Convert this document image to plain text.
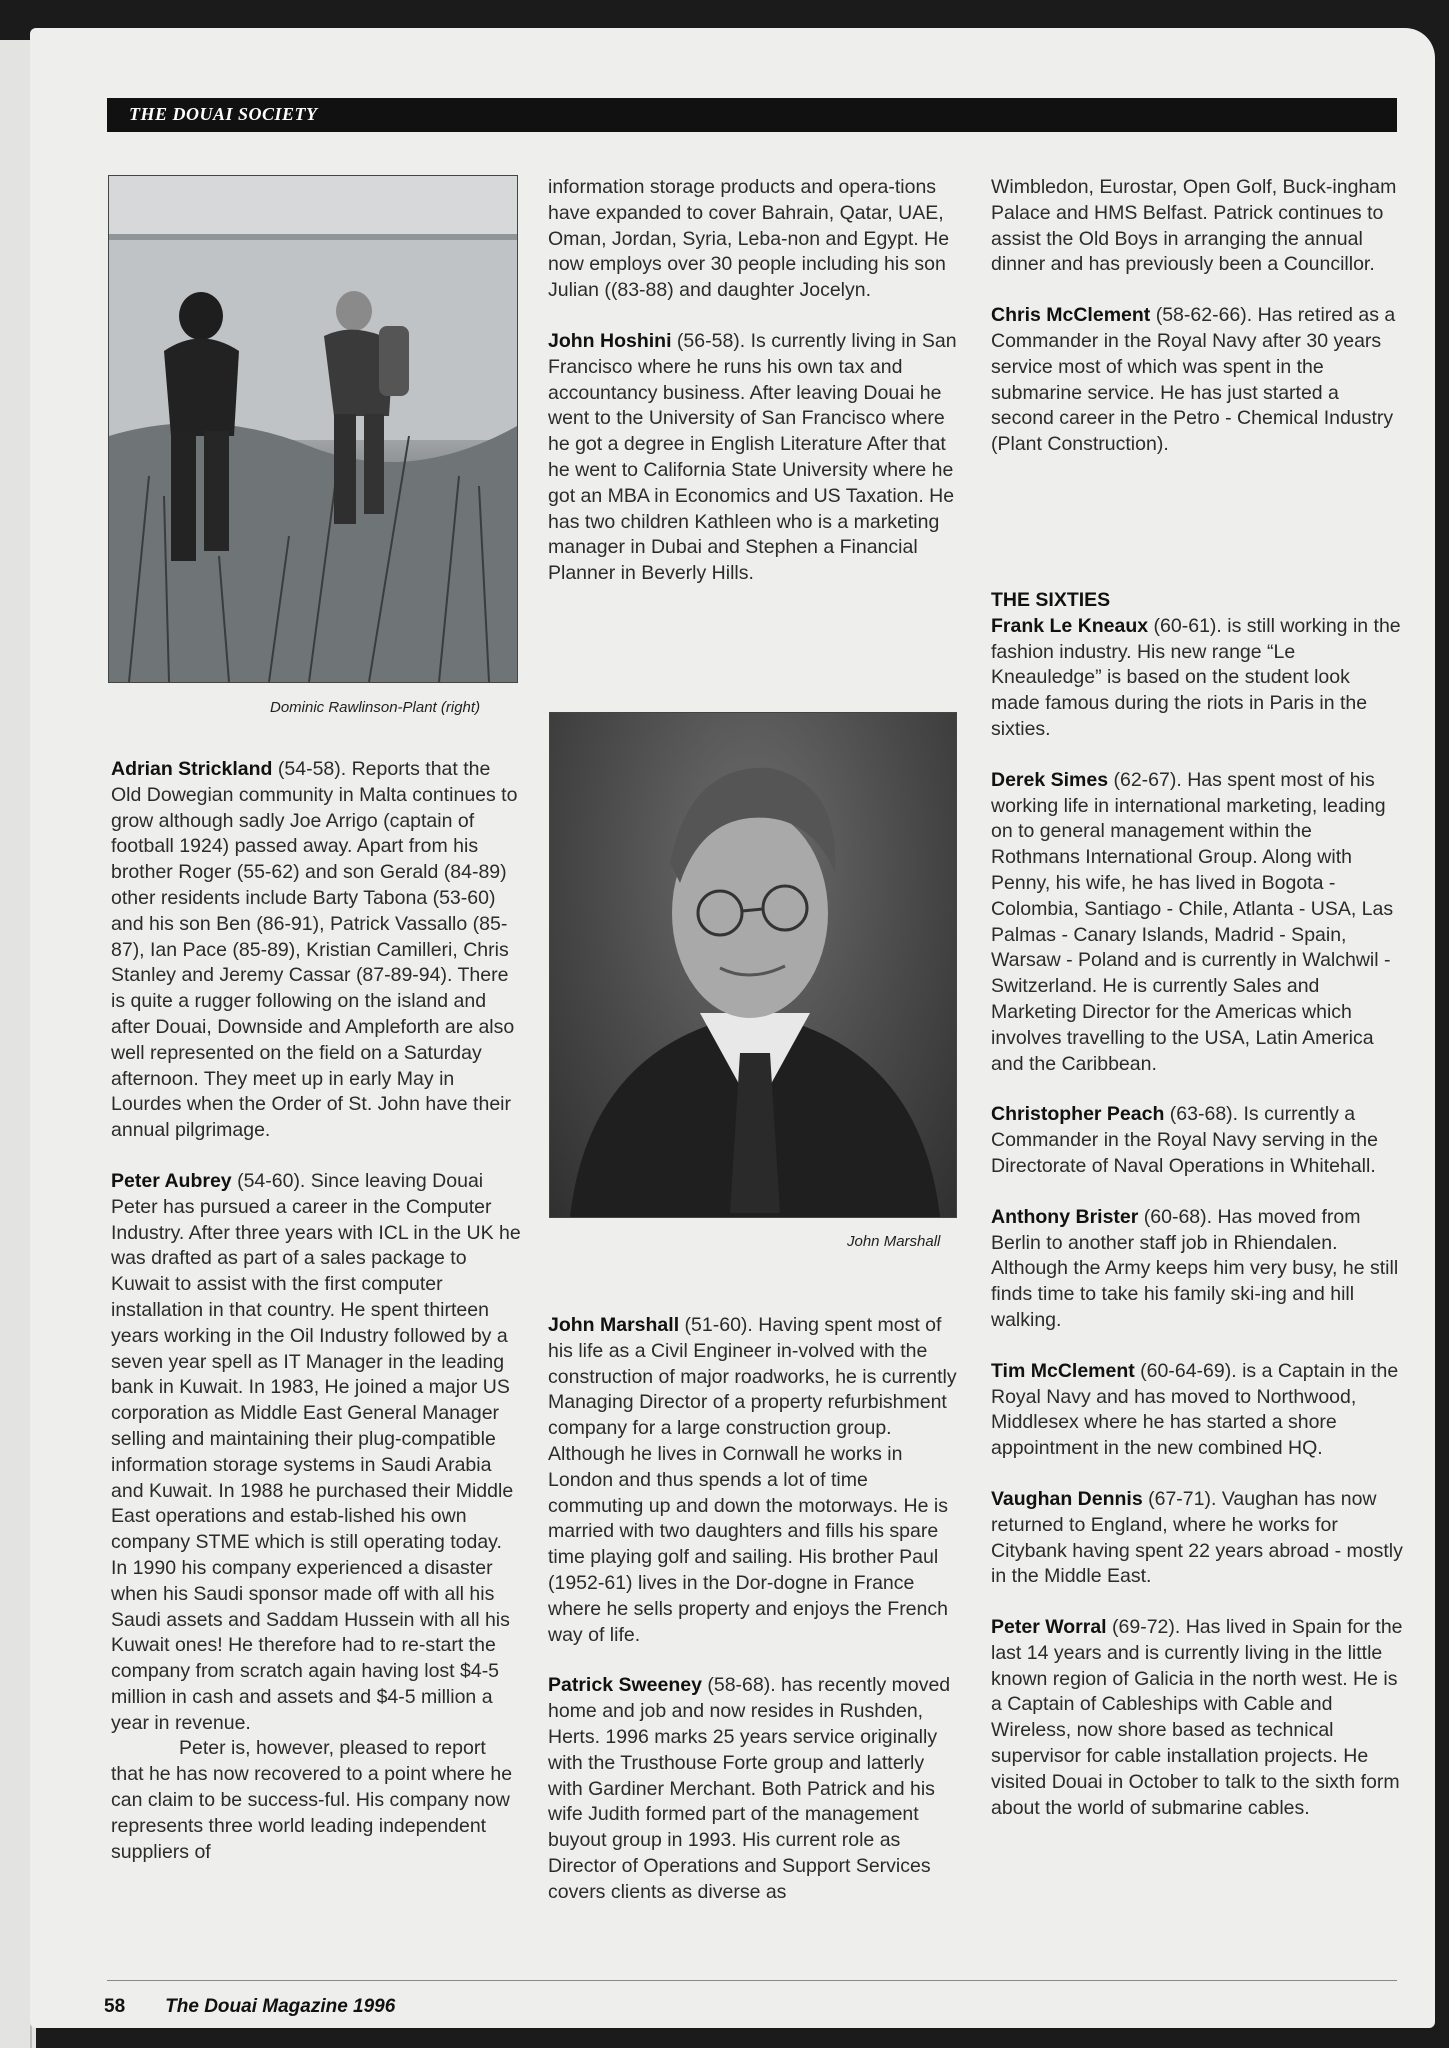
THE DOUAI SOCIETY
Dominic Rawlinson-Plant (right)
John Marshall

Adrian Strickland (54-58). Reports that the Old Dowegian community in Malta continues to grow although sadly Joe Arrigo (captain of football 1924) passed away. Apart from his brother Roger (55-62) and son Gerald (84-89) other residents include Barty Tabona (53-60) and his son Ben (86-91), Patrick Vassallo (85-87), Ian Pace (85-89), Kristian Camilleri, Chris Stanley and Jeremy Cassar (87-89-94). There is quite a rugger following on the island and after Douai, Downside and Ampleforth are also well represented on the field on a Saturday afternoon. They meet up in early May in Lourdes when the Order of St. John have their annual pilgrimage.

Peter Aubrey (54-60). Since leaving Douai Peter has pursued a career in the Computer Industry. After three years with ICL in the UK he was drafted as part of a sales package to Kuwait to assist with the first computer installation in that country. He spent thirteen years working in the Oil Industry followed by a seven year spell as IT Manager in the leading bank in Kuwait. In 1983, He joined a major US corporation as Middle East General Manager selling and maintaining their plug-compatible information storage systems in Saudi Arabia and Kuwait. In 1988 he purchased their Middle East operations and estab-lished his own company STME which is still operating today. In 1990 his company experienced a disaster when his Saudi sponsor made off with all his Saudi assets and Saddam Hussein with all his Kuwait ones! He therefore had to re-start the company from scratch again having lost $4-5 million in cash and assets and $4-5 million a year in revenue.

Peter is, however, pleased to report that he has now recovered to a point where he can claim to be success-ful. His company now represents three world leading independent suppliers of

information storage products and opera-tions have expanded to cover Bahrain, Qatar, UAE, Oman, Jordan, Syria, Leba-non and Egypt. He now employs over 30 people including his son Julian ((83-88) and daughter Jocelyn.

John Hoshini (56-58). Is currently living in San Francisco where he runs his own tax and accountancy business. After leaving Douai he went to the University of San Francisco where he got a degree in English Literature After that he went to California State University where he got an MBA in Economics and US Taxation. He has two children Kathleen who is a marketing manager in Dubai and Stephen a Financial Planner in Beverly Hills.

John Marshall (51-60). Having spent most of his life as a Civil Engineer in-volved with the construction of major roadworks, he is currently Managing Director of a property refurbishment company for a large construction group. Although he lives in Cornwall he works in London and thus spends a lot of time commuting up and down the motorways. He is married with two daughters and fills his spare time playing golf and sailing. His brother Paul (1952-61) lives in the Dor-dogne in France where he sells property and enjoys the French way of life.

Patrick Sweeney (58-68). has recently moved home and job and now resides in Rushden, Herts. 1996 marks 25 years service originally with the Trusthouse Forte group and latterly with Gardiner Merchant. Both Patrick and his wife Judith formed part of the management buyout group in 1993. His current role as Director of Operations and Support Services covers clients as diverse as

Wimbledon, Eurostar, Open Golf, Buck-ingham Palace and HMS Belfast. Patrick continues to assist the Old Boys in arranging the annual dinner and has previously been a Councillor.

Chris McClement (58-62-66). Has retired as a Commander in the Royal Navy after 30 years service most of which was spent in the submarine service. He has just started a second career in the Petro - Chemical Industry (Plant Construction).

THE SIXTIES

Frank Le Kneaux (60-61). is still working in the fashion industry. His new range “Le Kneauledge” is based on the student look made famous during the riots in Paris in the sixties.

Derek Simes (62-67). Has spent most of his working life in international marketing, leading on to general management within the Rothmans International Group. Along with Penny, his wife, he has lived in Bogota - Colombia, Santiago - Chile, Atlanta - USA, Las Palmas - Canary Islands, Madrid - Spain, Warsaw - Poland and is currently in Walchwil - Switzerland. He is currently Sales and Marketing Director for the Americas which involves travelling to the USA, Latin America and the Caribbean.

Christopher Peach (63-68). Is currently a Commander in the Royal Navy serving in the Directorate of Naval Operations in Whitehall.

Anthony Brister (60-68). Has moved from Berlin to another staff job in Rhiendalen. Although the Army keeps him very busy, he still finds time to take his family ski-ing and hill walking.

Tim McClement (60-64-69). is a Captain in the Royal Navy and has moved to Northwood, Middlesex where he has started a shore appointment in the new combined HQ.

Vaughan Dennis (67-71). Vaughan has now returned to England, where he works for Citybank having spent 22 years abroad - mostly in the Middle East.

Peter Worral (69-72). Has lived in Spain for the last 14 years and is currently living in the little known region of Galicia in the north west. He is a Captain of Cableships with Cable and Wireless, now shore based as technical supervisor for cable installation projects. He visited Douai in October to talk to the sixth form about the world of submarine cables.

58 The Douai Magazine 1996
